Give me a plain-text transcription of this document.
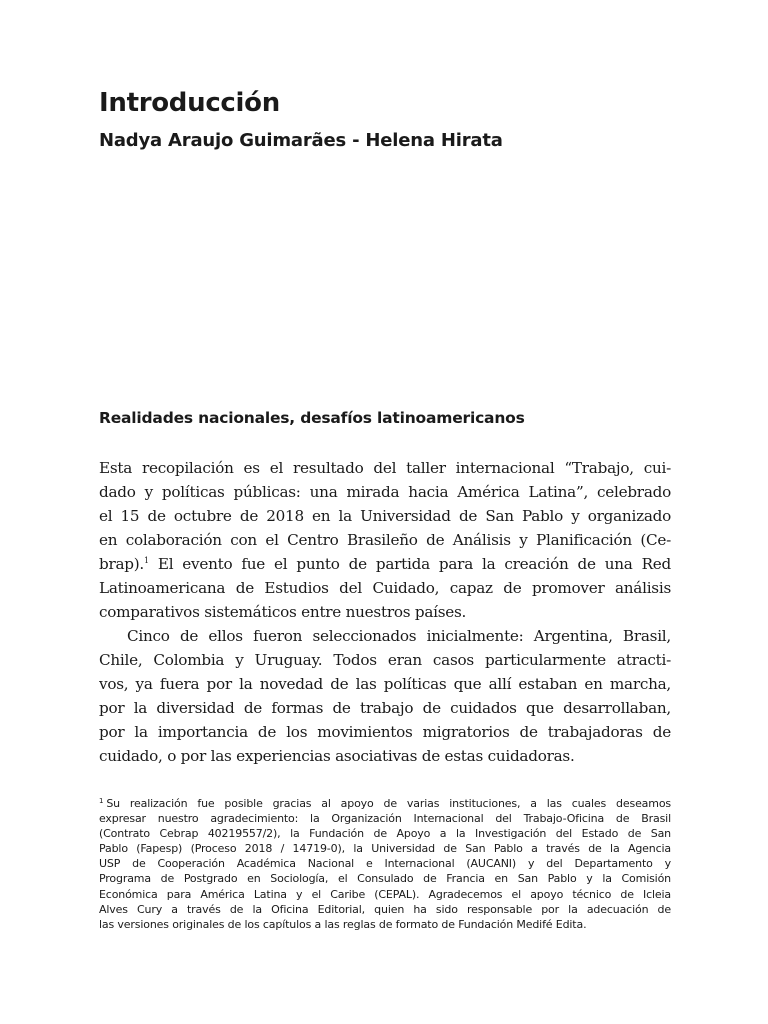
Introducción
Nadya Araujo Guimarães - Helena Hirata
Realidades nacionales, desafíos latinoamericanos
Esta recopilación es el resultado del taller internacional “Trabajo, cui-
dado y políticas públicas: una mirada hacia América Latina”, celebrado
el 15 de octubre de 2018 en la Universidad de San Pablo y organizado
en colaboración con el Centro Brasileño de Análisis y Planificación (Ce-
brap).$^1$ El evento fue el punto de partida para la creación de una Red
Latinoamericana de Estudios del Cuidado, capaz de promover análisis
comparativos sistemáticos entre nuestros países.
Cinco de ellos fueron seleccionados inicialmente: Argentina, Brasil,
Chile, Colombia y Uruguay. Todos eran casos particularmente atracti-
vos, ya fuera por la novedad de las políticas que allí estaban en marcha,
por la diversidad de formas de trabajo de cuidados que desarrollaban,
por la importancia de los movimientos migratorios de trabajadoras de
cuidado, o por las experiencias asociativas de estas cuidadoras.
$^1$ Su realización fue posible gracias al apoyo de varias instituciones, a las cuales deseamos
expresar nuestro agradecimiento: la Organización Internacional del Trabajo-Oficina de Brasil
(Contrato Cebrap 40219557/2), la Fundación de Apoyo a la Investigación del Estado de San
Pablo (Fapesp) (Proceso 2018 / 14719-0), la Universidad de San Pablo a través de la Agencia
USP de Cooperación Académica Nacional e Internacional (AUCANI) y del Departamento y
Programa de Postgrado en Sociología, el Consulado de Francia en San Pablo y la Comisión
Económica para América Latina y el Caribe (CEPAL). Agradecemos el apoyo técnico de Icleia
Alves Cury a través de la Oficina Editorial, quien ha sido responsable por la adecuación de
las versiones originales de los capítulos a las reglas de formato de Fundación Medifé Edita.
